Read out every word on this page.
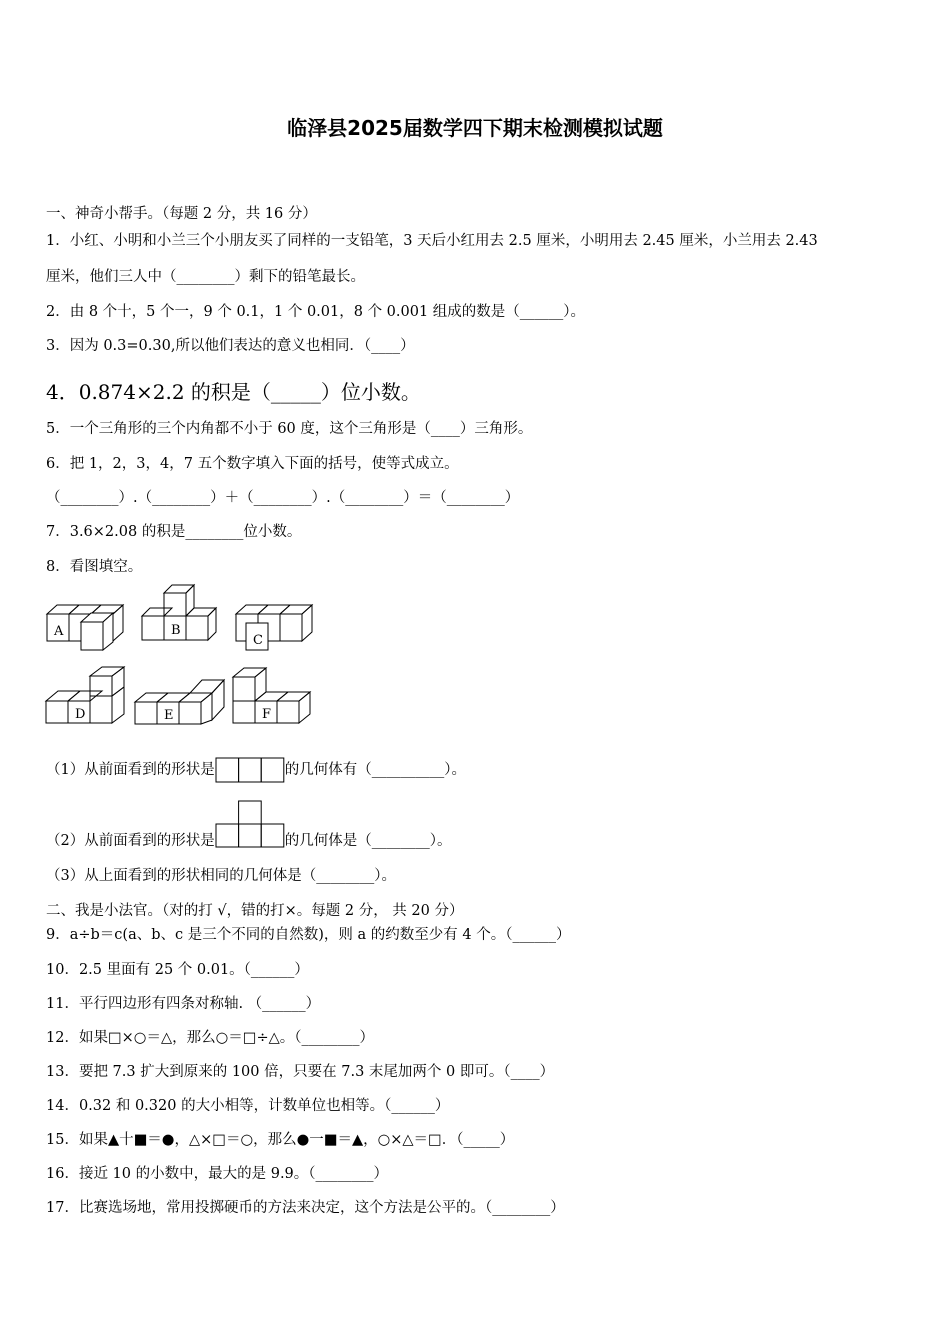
临泽县2025届数学四下期末检测模拟试题
一、神奇小帮手。（每题 2 分，共 16 分）
1．小红、小明和小兰三个小朋友买了同样的一支铅笔，3 天后小红用去 2.5 厘米，小明用去 2.45 厘米，小兰用去 2.43
厘米，他们三人中（________）剩下的铅笔最长。
2．由 8 个十，5 个一，9 个 0.1，1 个 0.01，8 个 0.001 组成的数是（______）。
3．因为 0.3=0.30,所以他们表达的意义也相同．（____）
4．0.874×2.2 的积是（_____）位小数。
5．一个三角形的三个内角都不小于 60 度，这个三角形是（____）三角形。
6．把 1，2，3，4，7 五个数字填入下面的括号，使等式成立。
（________）.（________）＋（________）.（________）＝（________）
7．3.6×2.08 的积是________位小数。
8．看图填空。
A	B
C
D	E	F
（1）从前面看到的形状是	的几何体有（__________）。
（2）从前面看到的形状是	的几何体是（________）。
（3）从上面看到的形状相同的几何体是（________）。
二、我是小法官。（对的打 √，错的打×。每题 2 分， 共 20 分）
9．a÷b＝c(a、b、c 是三个不同的自然数)，则 a 的约数至少有 4 个。（______）
10．2.5 里面有 25 个 0.01。（______）
11．平行四边形有四条对称轴. （______）
12．如果□×○＝△，那么○＝□÷△。（________）
13．要把 7.3 扩大到原来的 100 倍，只要在 7.3 末尾加两个 0 即可。（____）
14．0.32 和 0.320 的大小相等，计数单位也相等。（______）
15．如果▲十■＝●，△×□＝○，那么●一■＝▲，○×△＝□．（_____）
16．接近 10 的小数中，最大的是 9.9。（________）
17．比赛选场地，常用投掷硬币的方法来决定，这个方法是公平的。（________）
